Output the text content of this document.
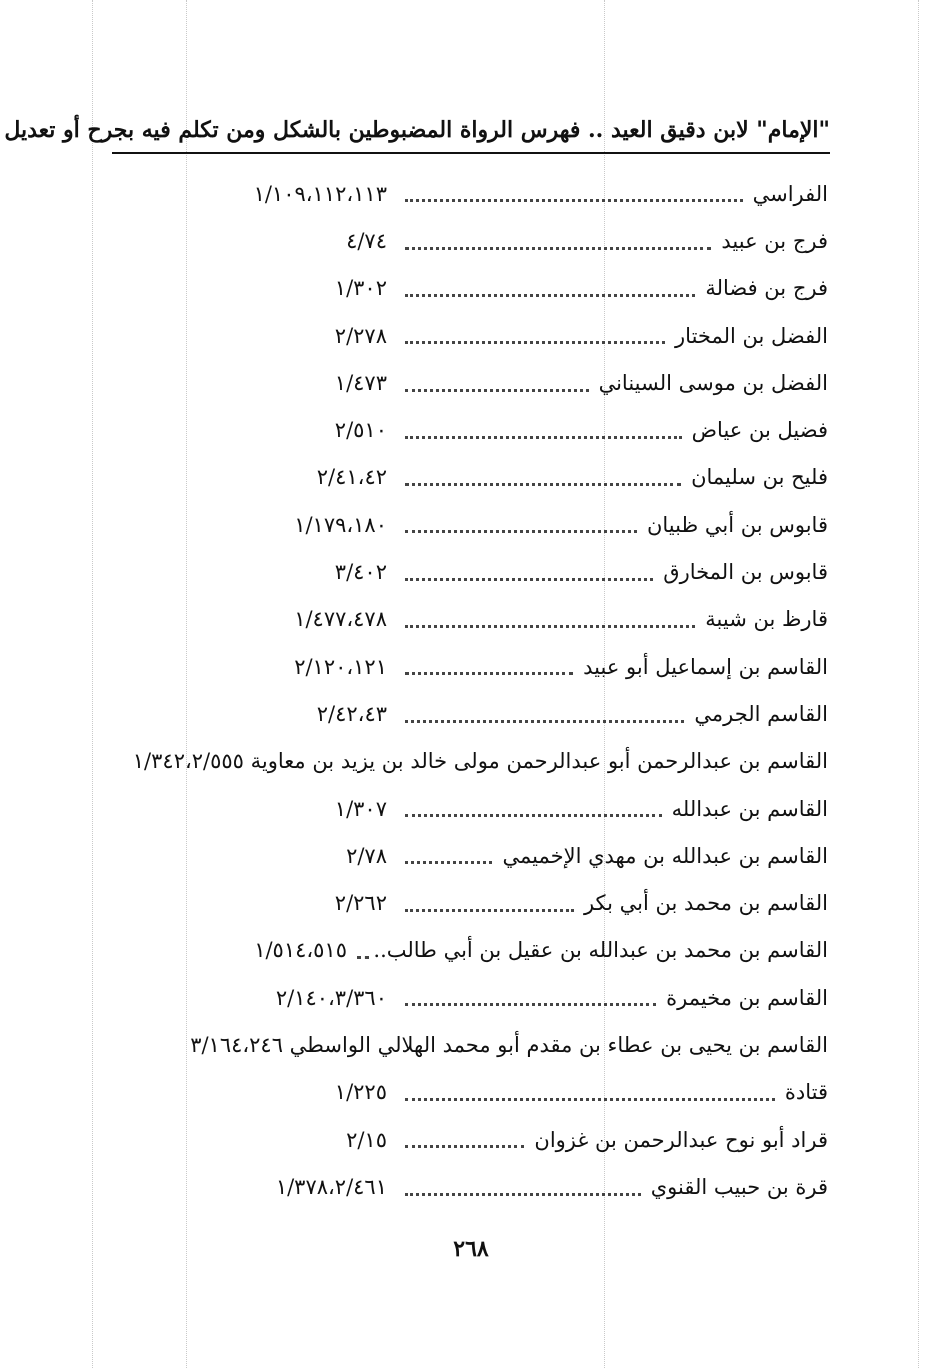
"الإمام" لابن دقيق العيد .. فهرس الرواة المضبوطين بالشكل ومن تكلم فيه بجرح أو تعديل
الفراسي
١/١٠٩،١١٢،١١٣
فرج بن عبيد
٤/٧٤
فرج بن فضالة
١/٣٠٢
الفضل بن المختار
٢/٢٧٨
الفضل بن موسى السيناني
١/٤٧٣
فضيل بن عياض
٢/٥١٠
فليح بن سليمان
٢/٤١،٤٢
قابوس بن أبي ظبيان
١/١٧٩،١٨٠
قابوس بن المخارق
٣/٤٠٢
قارظ بن شيبة
١/٤٧٧،٤٧٨
القاسم بن إسماعيل أبو عبيد
٢/١٢٠،١٢١
القاسم الجرمي
٢/٤٢،٤٣
القاسم بن عبدالرحمن أبو عبدالرحمن مولى خالد بن يزيد بن معاوية ١/٣٤٢،٢/٥٥٥
القاسم بن عبدالله
١/٣٠٧
القاسم بن عبدالله بن مهدي الإخميمي
٢/٧٨
القاسم بن محمد بن أبي بكر
٢/٢٦٢
القاسم بن محمد بن عبدالله بن عقيل بن أبي طالب..
١/٥١٤،٥١٥
القاسم بن مخيمرة
٢/١٤٠،٣/٣٦٠
القاسم بن يحيى بن عطاء بن مقدم أبو محمد الهلالي الواسطي ٣/١٦٤،٢٤٦
قتادة
١/٢٢٥
قراد أبو نوح عبدالرحمن بن غزوان
٢/١٥
قرة بن حبيب القنوي
١/٣٧٨،٢/٤٦١
٢٦٨
